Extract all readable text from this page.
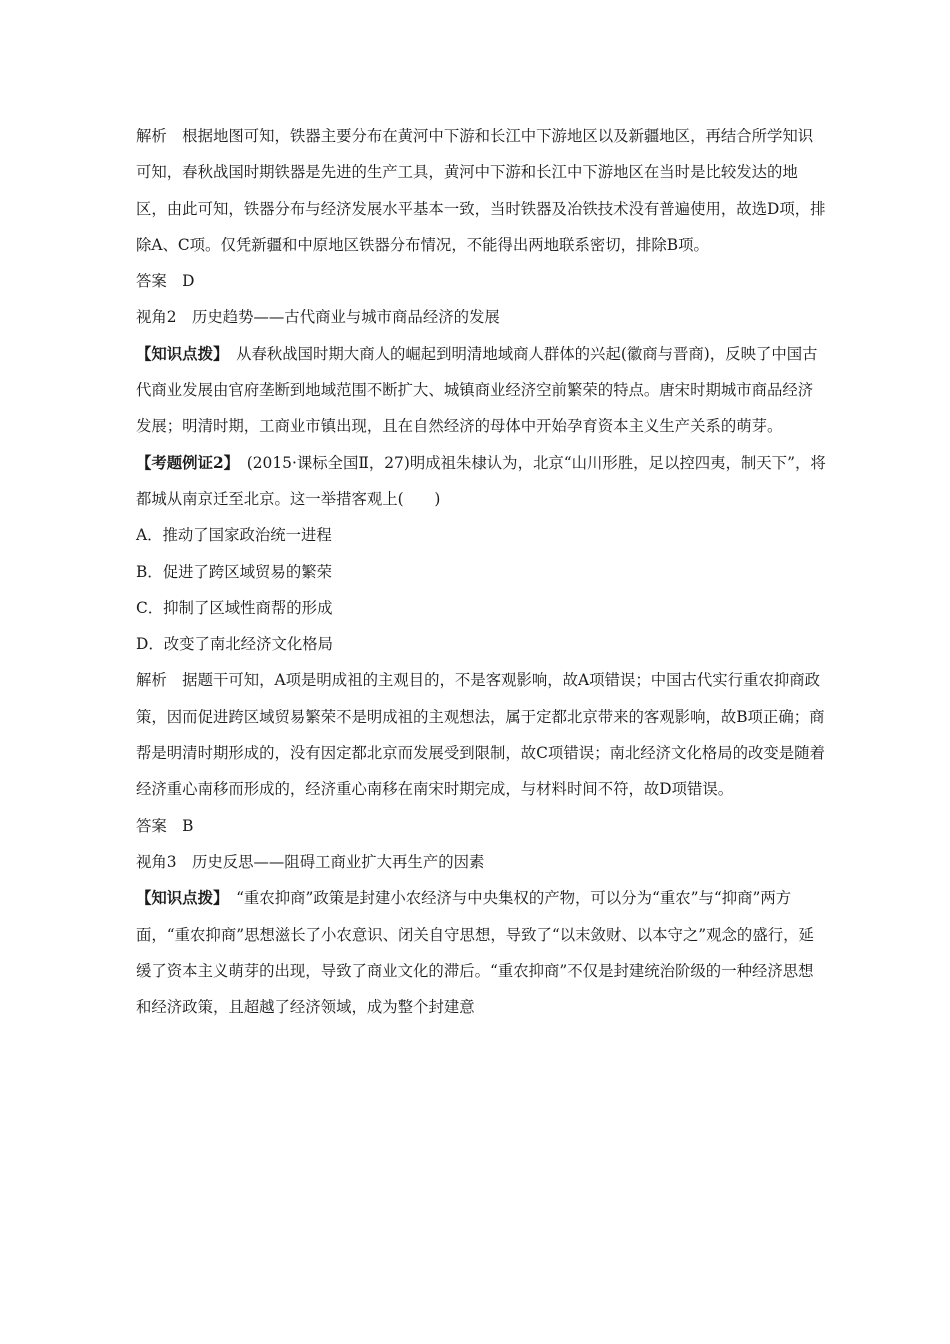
解析　根据地图可知，铁器主要分布在黄河中下游和长江中下游地区以及新疆地区，再结合所学知识可知，春秋战国时期铁器是先进的生产工具，黄河中下游和长江中下游地区在当时是比较发达的地区，由此可知，铁器分布与经济发展水平基本一致，当时铁器及冶铁技术没有普遍使用，故选D项，排除A、C项。仅凭新疆和中原地区铁器分布情况，不能得出两地联系密切，排除B项。

答案　D

视角2　历史趋势——古代商业与城市商品经济的发展

【知识点拨】　 从春秋战国时期大商人的崛起到明清地域商人群体的兴起(徽商与晋商)，反映了中国古代商业发展由官府垄断到地域范围不断扩大、城镇商业经济空前繁荣的特点。唐宋时期城市商品经济发展；明清时期，工商业市镇出现，且在自然经济的母体中开始孕育资本主义生产关系的萌芽。

【考题例证2】　 (2015·课标全国Ⅱ，27)明成祖朱棣认为，北京“山川形胜，足以控四夷，制天下”，将都城从南京迁至北京。这一举措客观上(　　)

A．推动了国家政治统一进程
B．促进了跨区域贸易的繁荣
C．抑制了区域性商帮的形成
D．改变了南北经济文化格局

解析　据题干可知，A项是明成祖的主观目的，不是客观影响，故A项错误；中国古代实行重农抑商政策，因而促进跨区域贸易繁荣不是明成祖的主观想法，属于定都北京带来的客观影响，故B项正确；商帮是明清时期形成的，没有因定都北京而发展受到限制，故C项错误；南北经济文化格局的改变是随着经济重心南移而形成的，经济重心南移在南宋时期完成，与材料时间不符，故D项错误。

答案　B

视角3　历史反思——阻碍工商业扩大再生产的因素

【知识点拨】　 “重农抑商”政策是封建小农经济与中央集权的产物，可以分为“重农”与“抑商”两方面，“重农抑商”思想滋长了小农意识、闭关自守思想，导致了“以末敛财、以本守之”观念的盛行，延缓了资本主义萌芽的出现，导致了商业文化的滞后。“重农抑商”不仅是封建统治阶级的一种经济思想和经济政策，且超越了经济领域，成为整个封建意
